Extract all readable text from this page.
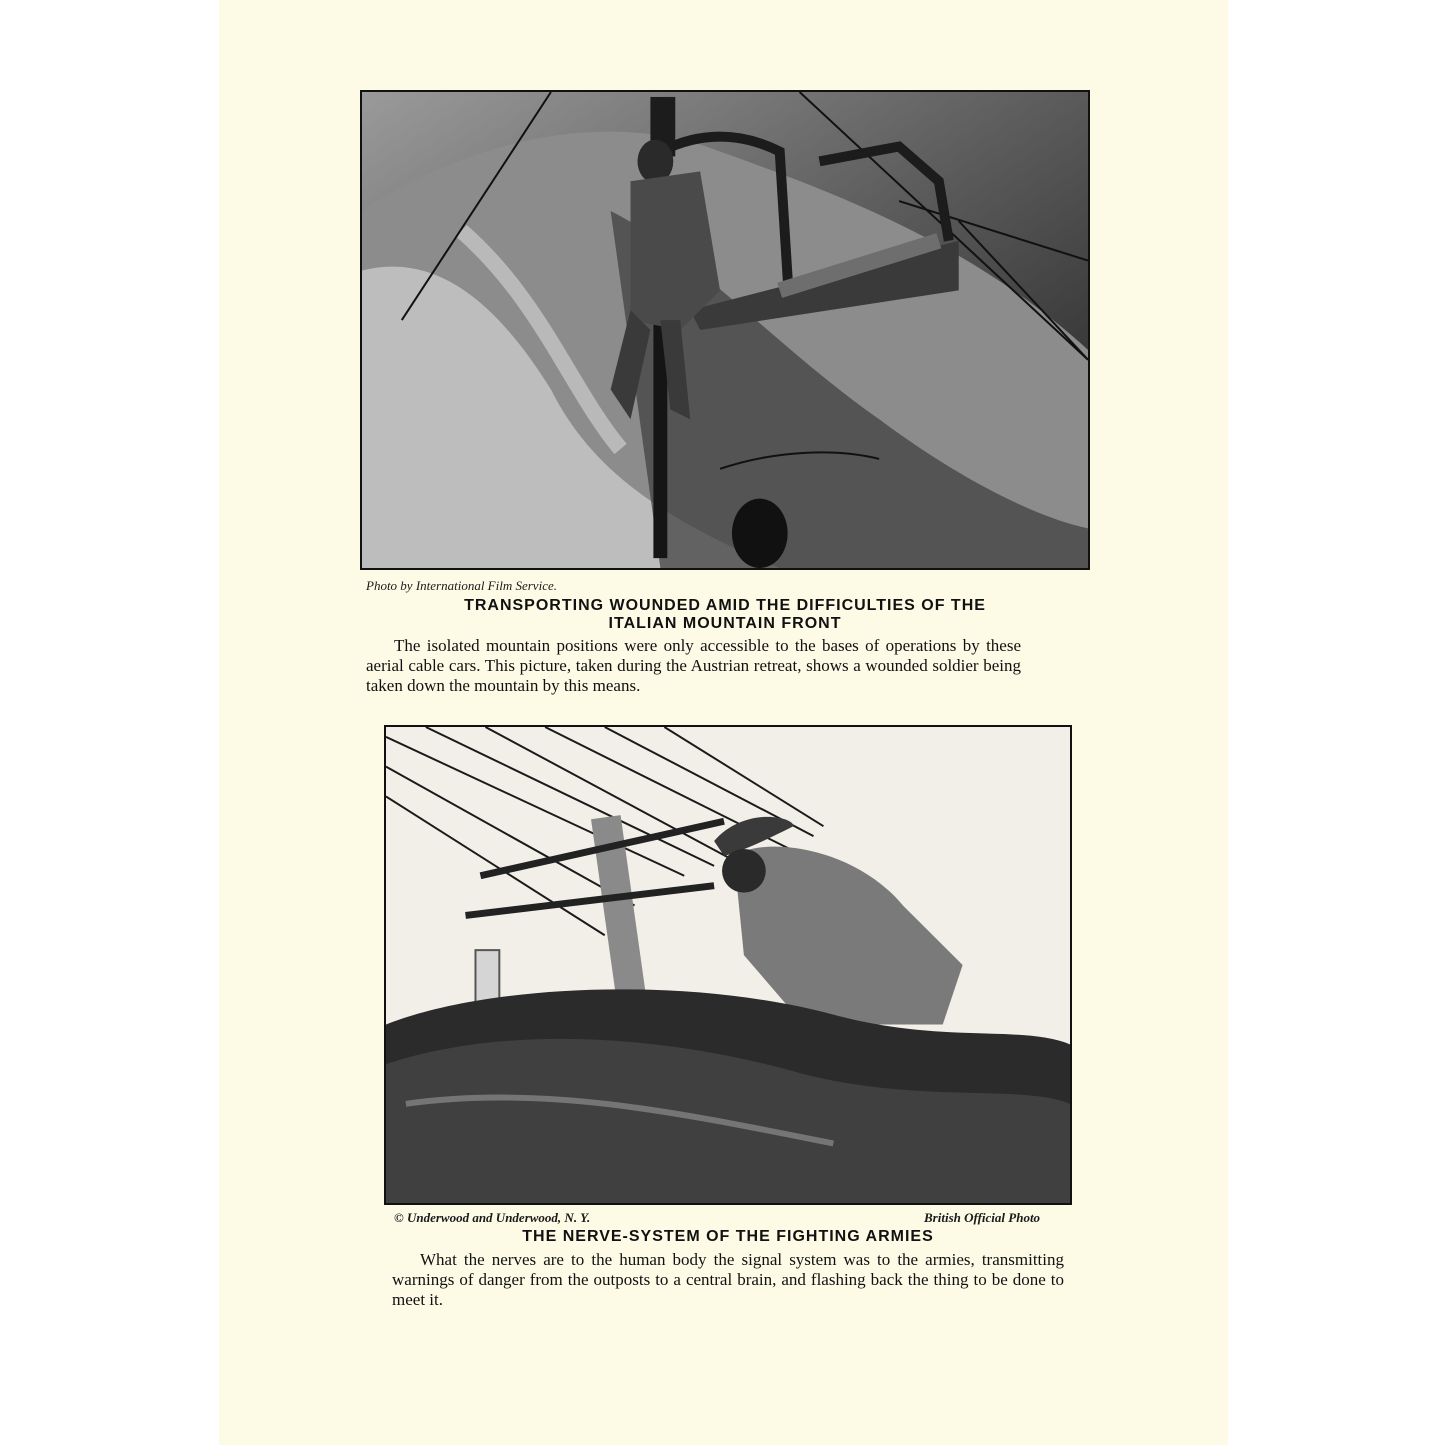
Photo by International Film Service.
TRANSPORTING WOUNDED AMID THE DIFFICULTIES OF THE
ITALIAN MOUNTAIN FRONT

The isolated mountain positions were only accessible to the bases of operations by these aerial cable cars. This picture, taken during the Austrian retreat, shows a wounded soldier being taken down the mountain by this means.

© Underwood and Underwood, N. Y.	British Official Photo
THE NERVE-SYSTEM OF THE FIGHTING ARMIES

What the nerves are to the human body the signal system was to the armies, transmitting warnings of danger from the outposts to a central brain, and flashing back the thing to be done to meet it.
